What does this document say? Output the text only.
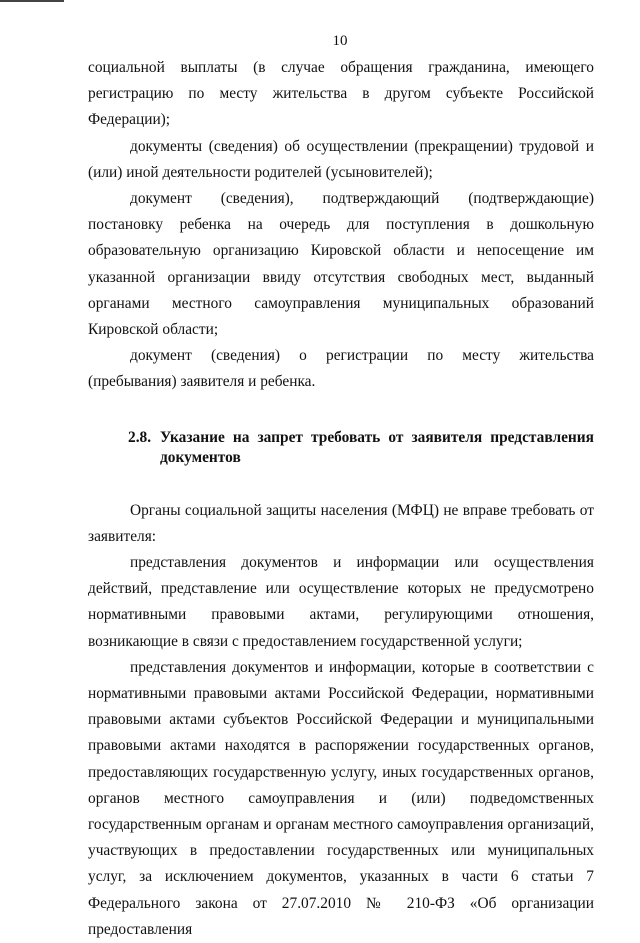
10

социальной выплаты (в случае обращения гражданина, имеющего регистрацию по месту жительства в другом субъекте Российской Федерации);

документы (сведения) об осуществлении (прекращении) трудовой и (или) иной деятельности родителей (усыновителей);

документ (сведения), подтверждающий (подтверждающие) постановку ребенка на очередь для поступления в дошкольную образовательную организацию Кировской области и непосещение им указанной организации ввиду отсутствия свободных мест, выданный органами местного самоуправления муниципальных образований Кировской области;

документ (сведения) о регистрации по месту жительства (пребывания) заявителя и ребенка.

2.8. Указание на запрет требовать от заявителя представления документов

Органы социальной защиты населения (МФЦ) не вправе требовать от заявителя:

представления документов и информации или осуществления действий, представление или осуществление которых не предусмотрено нормативными правовыми актами, регулирующими отношения, возникающие в связи с предоставлением государственной услуги;

представления документов и информации, которые в соответствии с нормативными правовыми актами Российской Федерации, нормативными правовыми актами субъектов Российской Федерации и муниципальными правовыми актами находятся в распоряжении государственных органов, предоставляющих государственную услугу, иных государственных органов, органов местного самоуправления и (или) подведомственных государственным органам и органам местного самоуправления организаций, участвующих в предоставлении государственных или муниципальных услуг, за исключением документов, указанных в части 6 статьи 7 Федерального закона от 27.07.2010 № 210-ФЗ «Об организации предоставления
